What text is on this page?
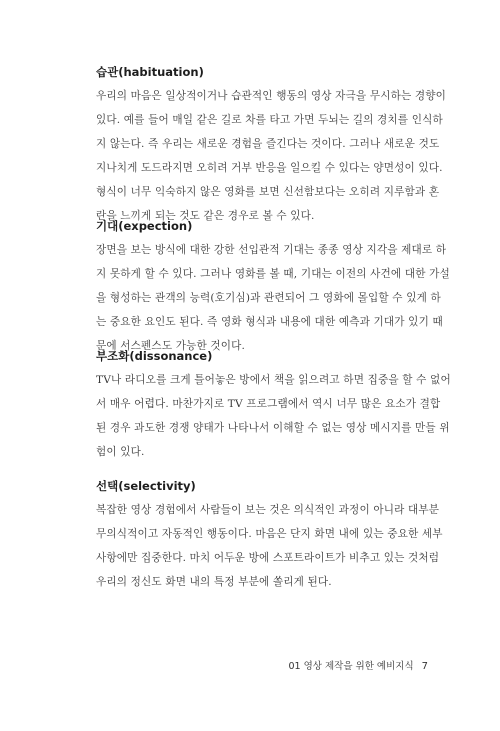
습관(habituation)
우리의 마음은 일상적이거나 습관적인 행동의 영상 자극을 무시하는 경향이
있다. 예를 들어 매일 같은 길로 차를 타고 가면 두뇌는 길의 경치를 인식하
지 않는다. 즉 우리는 새로운 경험을 즐긴다는 것이다. 그러나 새로운 것도
지나치게 도드라지면 오히려 거부 반응을 일으킬 수 있다는 양면성이 있다.
형식이 너무 익숙하지 않은 영화를 보면 신선함보다는 오히려 지루함과 혼
란을 느끼게 되는 것도 같은 경우로 볼 수 있다.
기대(expection)
장면을 보는 방식에 대한 강한 선입관적 기대는 종종 영상 지각을 제대로 하
지 못하게 할 수 있다. 그러나 영화를 볼 때, 기대는 이전의 사건에 대한 가설
을 형성하는 관객의 능력(호기심)과 관련되어 그 영화에 몰입할 수 있게 하
는 중요한 요인도 된다. 즉 영화 형식과 내용에 대한 예측과 기대가 있기 때
문에 서스펜스도 가능한 것이다.
부조화(dissonance)
TV나 라디오를 크게 틀어놓은 방에서 책을 읽으려고 하면 집중을 할 수 없어
서 매우 어렵다. 마찬가지로 TV 프로그램에서 역시 너무 많은 요소가 결합
된 경우 과도한 경쟁 양태가 나타나서 이해할 수 없는 영상 메시지를 만들 위
험이 있다.
선택(selectivity)
복잡한 영상 경험에서 사람들이 보는 것은 의식적인 과정이 아니라 대부분
무의식적이고 자동적인 행동이다. 마음은 단지 화면 내에 있는 중요한 세부
사항에만 집중한다. 마치 어두운 방에 스포트라이트가 비추고 있는 것처럼
우리의 정신도 화면 내의 특정 부분에 쏠리게 된다.
01 영상 제작을 위한 예비지식 7
